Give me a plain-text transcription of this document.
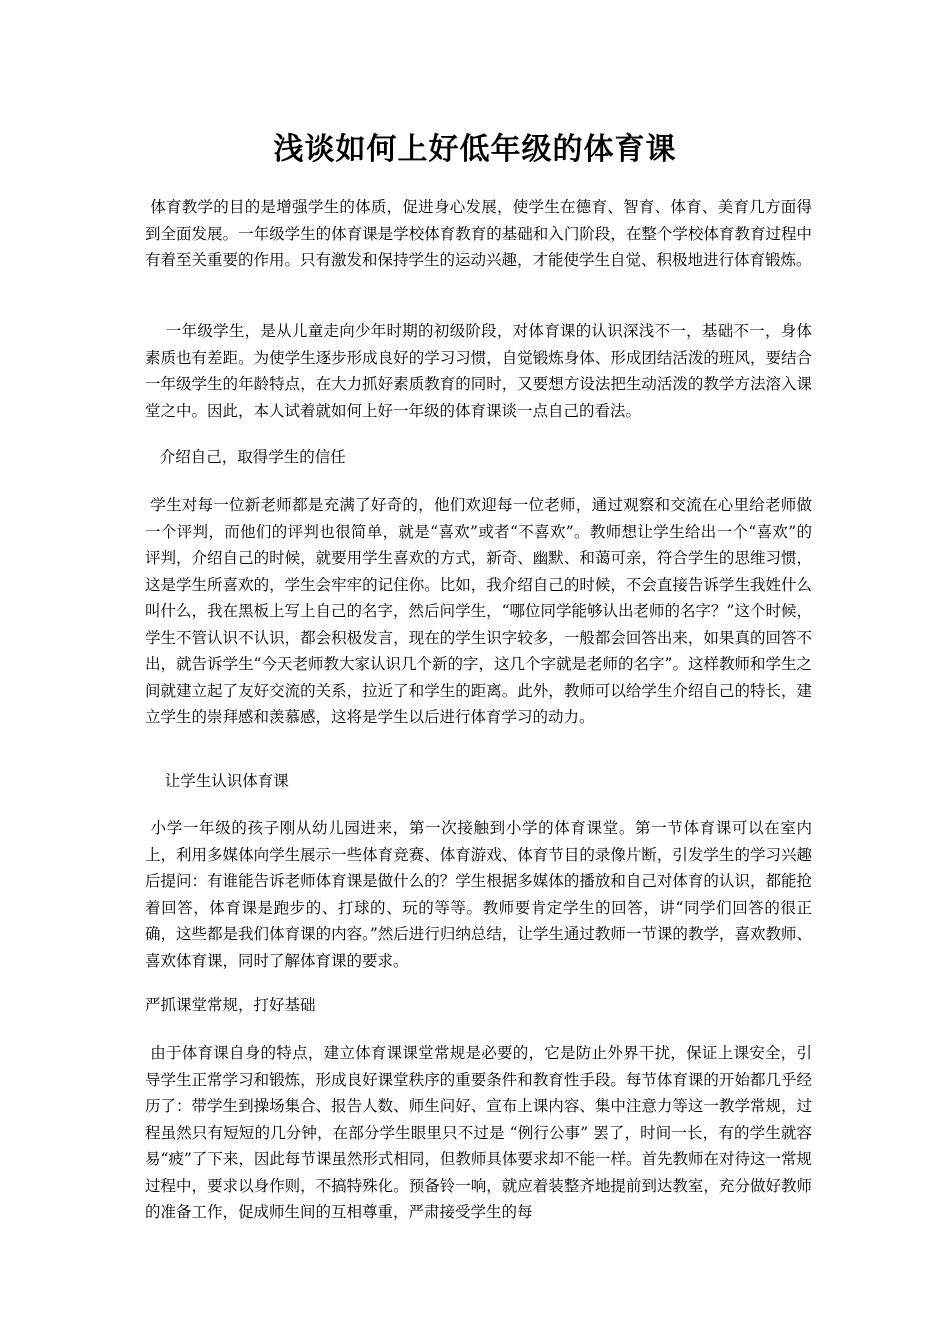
浅谈如何上好低年级的体育课
体育教学的目的是增强学生的体质，促进身心发展，使学生在德育、智育、体育、美育几方面得到全面发展。一年级学生的体育课是学校体育教育的基础和入门阶段，在整个学校体育教育过程中有着至关重要的作用。只有激发和保持学生的运动兴趣，才能使学生自觉、积极地进行体育锻炼。
一年级学生，是从儿童走向少年时期的初级阶段，对体育课的认识深浅不一，基础不一，身体素质也有差距。为使学生逐步形成良好的学习习惯，自觉锻炼身体、形成团结活泼的班风，要结合一年级学生的年龄特点，在大力抓好素质教育的同时，又要想方设法把生动活泼的教学方法溶入课堂之中。因此，本人试着就如何上好一年级的体育课谈一点自己的看法。
介绍自己，取得学生的信任
学生对每一位新老师都是充满了好奇的，他们欢迎每一位老师，通过观察和交流在心里给老师做一个评判，而他们的评判也很简单，就是“喜欢”或者“不喜欢”。教师想让学生给出一个“喜欢”的评判，介绍自己的时候，就要用学生喜欢的方式，新奇、幽默、和蔼可亲，符合学生的思维习惯，这是学生所喜欢的，学生会牢牢的记住你。比如，我介绍自己的时候，不会直接告诉学生我姓什么叫什么，我在黑板上写上自己的名字，然后问学生，“哪位同学能够认出老师的名字？”这个时候，学生不管认识不认识，都会积极发言，现在的学生识字较多，一般都会回答出来，如果真的回答不出，就告诉学生“今天老师教大家认识几个新的字，这几个字就是老师的名字”。这样教师和学生之间就建立起了友好交流的关系，拉近了和学生的距离。此外，教师可以给学生介绍自己的特长，建立学生的崇拜感和羡慕感，这将是学生以后进行体育学习的动力。
让学生认识体育课
小学一年级的孩子刚从幼儿园进来，第一次接触到小学的体育课堂。第一节体育课可以在室内上，利用多媒体向学生展示一些体育竞赛、体育游戏、体育节目的录像片断，引发学生的学习兴趣后提问：有谁能告诉老师体育课是做什么的？学生根据多媒体的播放和自己对体育的认识，都能抢着回答，体育课是跑步的、打球的、玩的等等。教师要肯定学生的回答，讲“同学们回答的很正确，这些都是我们体育课的内容。”然后进行归纳总结，让学生通过教师一节课的教学，喜欢教师、喜欢体育课，同时了解体育课的要求。
严抓课堂常规，打好基础
由于体育课自身的特点，建立体育课课堂常规是必要的，它是防止外界干扰，保证上课安全，引导学生正常学习和锻炼，形成良好课堂秩序的重要条件和教育性手段。每节体育课的开始都几乎经历了：带学生到操场集合、报告人数、师生问好、宣布上课内容、集中注意力等这一教学常规，过程虽然只有短短的几分钟，在部分学生眼里只不过是 “例行公事” 罢了，时间一长，有的学生就容易“疲”了下来，因此每节课虽然形式相同，但教师具体要求却不能一样。首先教师在对待这一常规过程中，要求以身作则，不搞特殊化。预备铃一响，就应着装整齐地提前到达教室，充分做好教师的准备工作，促成师生间的互相尊重，严肃接受学生的每
